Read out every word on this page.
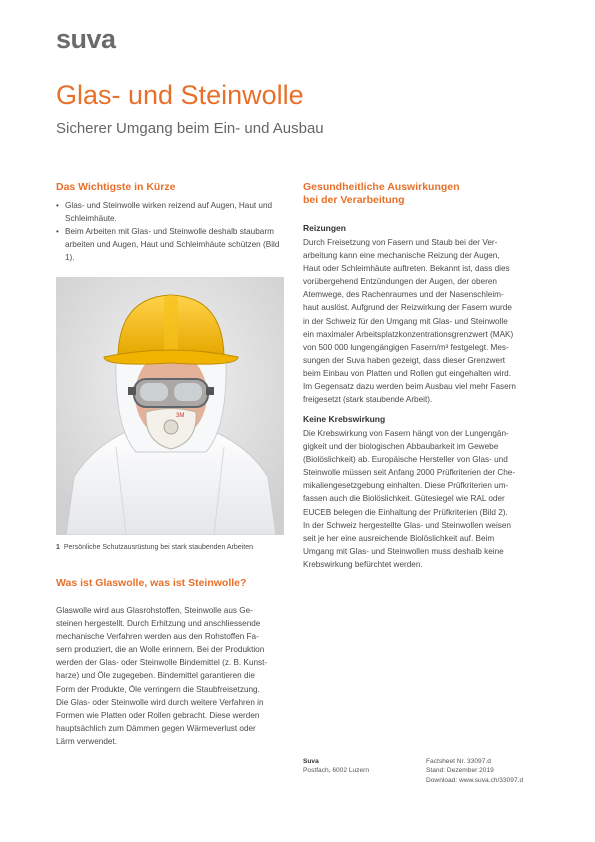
suva
Glas- und Steinwolle
Sicherer Umgang beim Ein- und Ausbau
Das Wichtigste in Kürze
• Glas- und Steinwolle wirken reizend auf Augen, Haut und Schleimhäute.
• Beim Arbeiten mit Glas- und Steinwolle deshalb staubarm arbeiten und Augen, Haut und Schleimhäute schützen (Bild 1).
3M
1 Persönliche Schutzausrüstung bei stark staubenden Arbeiten
Was ist Glaswolle, was ist Steinwolle?
Glaswolle wird aus Glasrohstoffen, Steinwolle aus Ge-
steinen hergestellt. Durch Erhitzung und anschliessende
mechanische Verfahren werden aus den Rohstoffen Fa-
sern produziert, die an Wolle erinnern. Bei der Produktion
werden der Glas- oder Steinwolle Bindemittel (z. B. Kunst-
harze) und Öle zugegeben. Bindemittel garantieren die
Form der Produkte, Öle verringern die Staubfreisetzung.
Die Glas- oder Steinwolle wird durch weitere Verfahren in
Formen wie Platten oder Rollen gebracht. Diese werden
hauptsächlich zum Dämmen gegen Wärmeverlust oder
Lärm verwendet.
Gesundheitliche Auswirkungen
bei der Verarbeitung
Reizungen
Durch Freisetzung von Fasern und Staub bei der Ver-
arbeitung kann eine mechanische Reizung der Augen,
Haut oder Schleimhäute auftreten. Bekannt ist, dass dies
vorübergehend Entzündungen der Augen, der oberen
Atemwege, des Rachenraumes und der Nasenschleim-
haut auslöst. Aufgrund der Reizwirkung der Fasern wurde
in der Schweiz für den Umgang mit Glas- und Steinwolle
ein maximaler Arbeitsplatzkonzentrationsgrenzwert (MAK)
von 500 000 lungengängigen Fasern/m³ festgelegt. Mes-
sungen der Suva haben gezeigt, dass dieser Grenzwert
beim Einbau von Platten und Rollen gut eingehalten wird.
Im Gegensatz dazu werden beim Ausbau viel mehr Fasern
freigesetzt (stark staubende Arbeit).
Keine Krebswirkung
Die Krebswirkung von Fasern hängt von der Lungengän-
gigkeit und der biologischen Abbaubarkeit im Gewebe
(Biolöslichkeit) ab. Europäische Hersteller von Glas- und
Steinwolle müssen seit Anfang 2000 Prüfkriterien der Che-
mikaliengesetzgebung einhalten. Diese Prüfkriterien um-
fassen auch die Biolöslichkeit. Gütesiegel wie RAL oder
EUCEB belegen die Einhaltung der Prüfkriterien (Bild 2).
In der Schweiz hergestellte Glas- und Steinwollen weisen
seit je her eine ausreichende Biolöslichkeit auf. Beim
Umgang mit Glas- und Steinwollen muss deshalb keine
Krebswirkung befürchtet werden.
Suva
Postfach, 6002 Luzern
Factsheet Nr. 33097.d
Stand: Dezember 2019
Download: www.suva.ch/33097.d
